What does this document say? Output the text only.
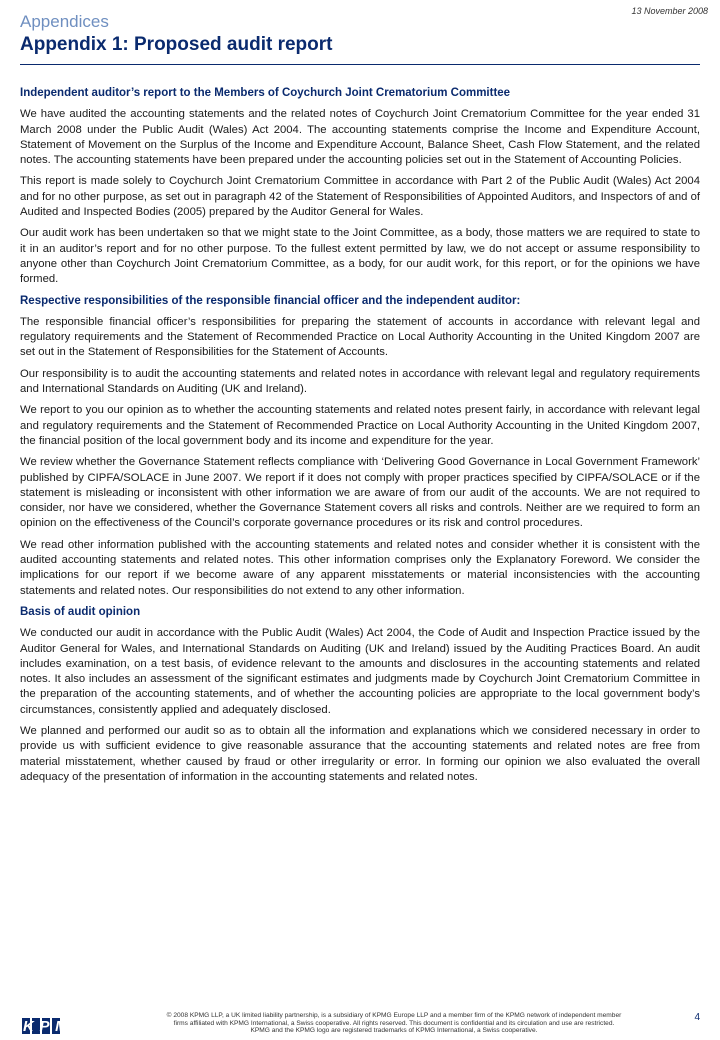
Appendices
Appendix 1: Proposed audit report
13 November 2008
Independent auditor’s report to the Members of Coychurch Joint Crematorium Committee

We have audited the accounting statements and the related notes of Coychurch Joint Crematorium Committee for the year ended 31 March 2008 under the Public Audit (Wales) Act 2004. The accounting statements comprise the Income and Expenditure Account, Statement of Movement on the Surplus of the Income and Expenditure Account, Balance Sheet, Cash Flow Statement, and the related notes. The accounting statements have been prepared under the accounting policies set out in the Statement of Accounting Policies.

This report is made solely to Coychurch Joint Crematorium Committee in accordance with Part 2 of the Public Audit (Wales) Act 2004 and for no other purpose, as set out in paragraph 42 of the Statement of Responsibilities of Appointed Auditors, and Inspectors of and of Audited and Inspected Bodies (2005) prepared by the Auditor General for Wales.

Our audit work has been undertaken so that we might state to the Joint Committee, as a body, those matters we are required to state to it in an auditor’s report and for no other purpose. To the fullest extent permitted by law, we do not accept or assume responsibility to anyone other than Coychurch Joint Crematorium Committee, as a body, for our audit work, for this report, or for the opinions we have formed.

Respective responsibilities of the responsible financial officer and the independent auditor:

The responsible financial officer’s responsibilities for preparing the statement of accounts in accordance with relevant legal and regulatory requirements and the Statement of Recommended Practice on Local Authority Accounting in the United Kingdom 2007 are set out in the Statement of Responsibilities for the Statement of Accounts.

Our responsibility is to audit the accounting statements and related notes in accordance with relevant legal and regulatory requirements and International Standards on Auditing (UK and Ireland).

We report to you our opinion as to whether the accounting statements and related notes present fairly, in accordance with relevant legal and regulatory requirements and the Statement of Recommended Practice on Local Authority Accounting in the United Kingdom 2007, the financial position of the local government body and its income and expenditure for the year.

We review whether the Governance Statement reflects compliance with ‘Delivering Good Governance in Local Government Framework’ published by CIPFA/SOLACE in June 2007. We report if it does not comply with proper practices specified by CIPFA/SOLACE or if the statement is misleading or inconsistent with other information we are aware of from our audit of the accounts. We are not required to consider, nor have we considered, whether the Governance Statement covers all risks and controls. Neither are we required to form an opinion on the effectiveness of the Council’s corporate governance procedures or its risk and control procedures.

We read other information published with the accounting statements and related notes and consider whether it is consistent with the audited accounting statements and related notes. This other information comprises only the Explanatory Foreword. We consider the implications for our report if we become aware of any apparent misstatements or material inconsistencies with the accounting statements and related notes. Our responsibilities do not extend to any other information.

Basis of audit opinion

We conducted our audit in accordance with the Public Audit (Wales) Act 2004, the Code of Audit and Inspection Practice issued by the Auditor General for Wales, and International Standards on Auditing (UK and Ireland) issued by the Auditing Practices Board. An audit includes examination, on a test basis, of evidence relevant to the amounts and disclosures in the accounting statements and related notes. It also includes an assessment of the significant estimates and judgments made by Coychurch Joint Crematorium Committee in the preparation of the accounting statements, and of whether the accounting policies are appropriate to the local government body’s circumstances, consistently applied and adequately disclosed.

We planned and performed our audit so as to obtain all the information and explanations which we considered necessary in order to provide us with sufficient evidence to give reasonable assurance that the accounting statements and related notes are free from material misstatement, whether caused by fraud or other irregularity or error. In forming our opinion we also evaluated the overall adequacy of the presentation of information in the accounting statements and related notes.

KPMG
© 2008 KPMG LLP, a UK limited liability partnership, is a subsidiary of KPMG Europe LLP and a member firm of the KPMG network of independent member
firms affiliated with KPMG International, a Swiss cooperative. All rights reserved. This document is confidential and its circulation and use are restricted.
KPMG and the KPMG logo are registered trademarks of KPMG International, a Swiss cooperative.
4
